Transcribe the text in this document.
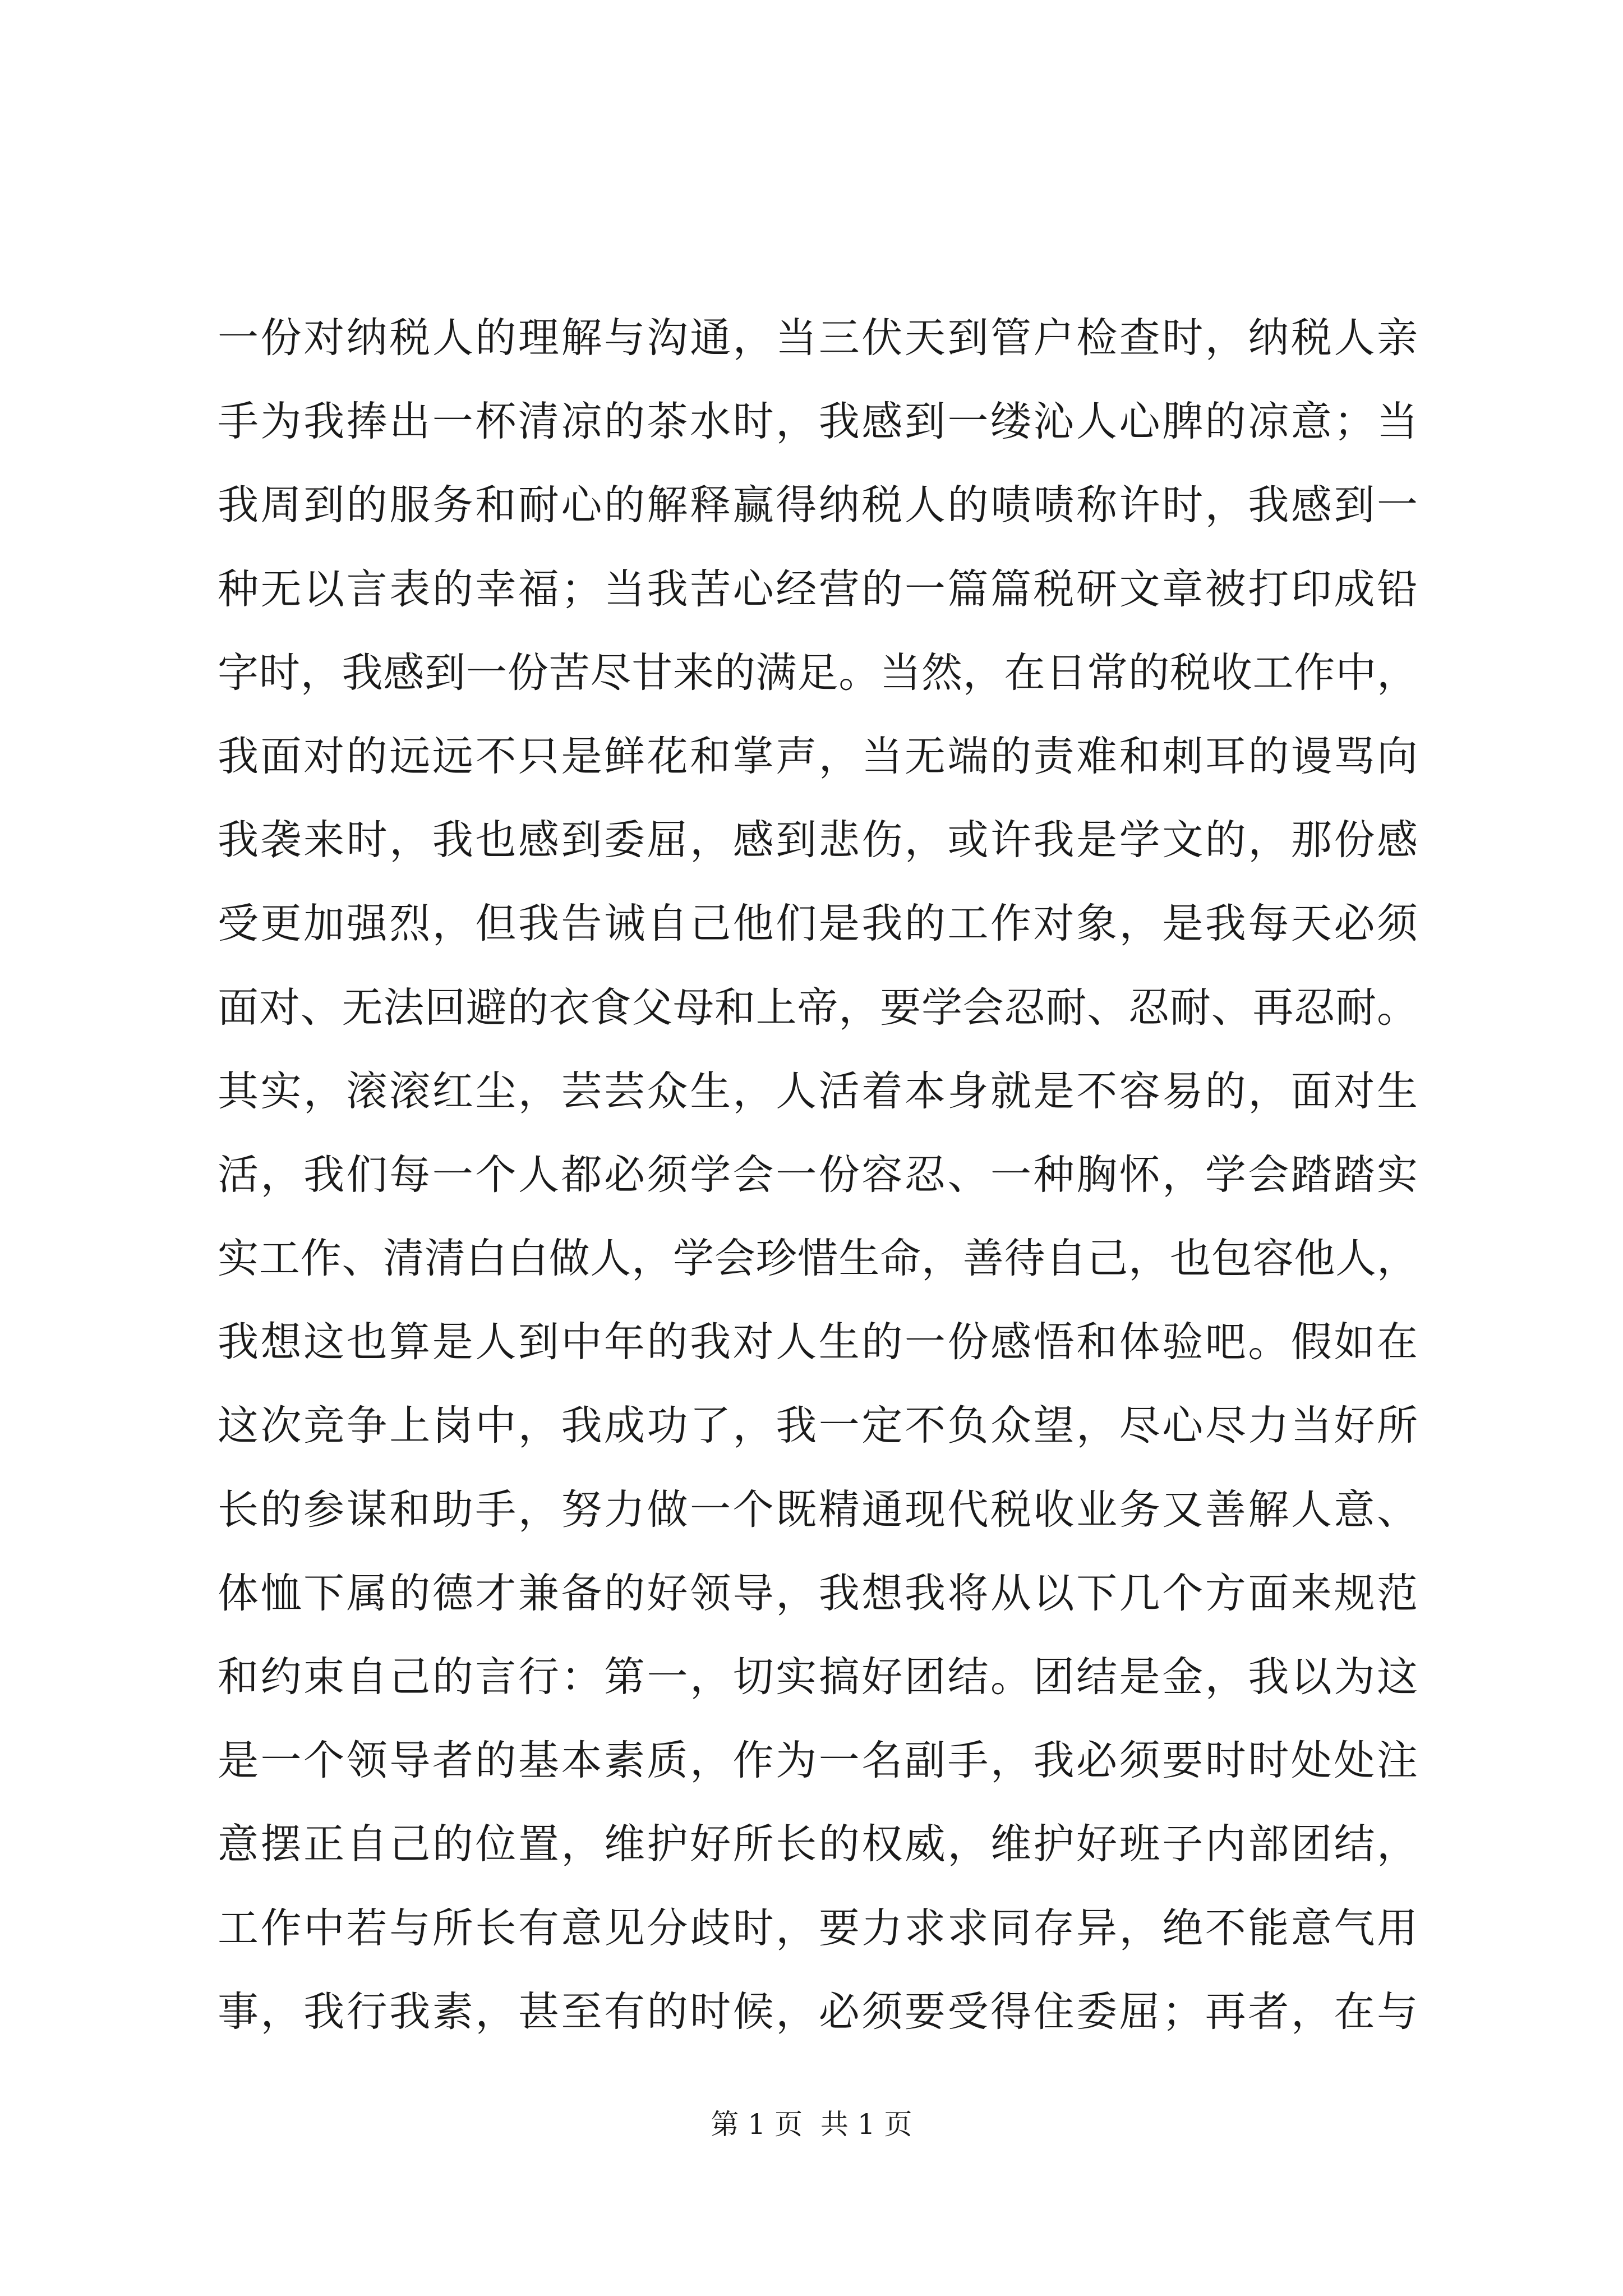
一份对纳税人的理解与沟通，当三伏天到管户检查时，纳税人亲
手为我捧出一杯清凉的茶水时，我感到一缕沁人心脾的凉意；当
我周到的服务和耐心的解释赢得纳税人的啧啧称许时，我感到一
种无以言表的幸福；当我苦心经营的一篇篇税研文章被打印成铅
字时，我感到一份苦尽甘来的满足。当然，在日常的税收工作中，
我面对的远远不只是鲜花和掌声，当无端的责难和刺耳的谩骂向
我袭来时，我也感到委屈，感到悲伤，或许我是学文的，那份感
受更加强烈，但我告诫自己他们是我的工作对象，是我每天必须
面对、无法回避的衣食父母和上帝，要学会忍耐、忍耐、再忍耐。
其实，滚滚红尘，芸芸众生，人活着本身就是不容易的，面对生
活，我们每一个人都必须学会一份容忍、一种胸怀，学会踏踏实
实工作、清清白白做人，学会珍惜生命，善待自己，也包容他人，
我想这也算是人到中年的我对人生的一份感悟和体验吧。假如在
这次竞争上岗中，我成功了，我一定不负众望，尽心尽力当好所
长的参谋和助手，努力做一个既精通现代税收业务又善解人意、
体恤下属的德才兼备的好领导，我想我将从以下几个方面来规范
和约束自己的言行：第一，切实搞好团结。团结是金，我以为这
是一个领导者的基本素质，作为一名副手，我必须要时时处处注
意摆正自己的位置，维护好所长的权威，维护好班子内部团结，
工作中若与所长有意见分歧时，要力求求同存异，绝不能意气用
事，我行我素，甚至有的时候，必须要受得住委屈；再者，在与
第 1 页  共 1 页
